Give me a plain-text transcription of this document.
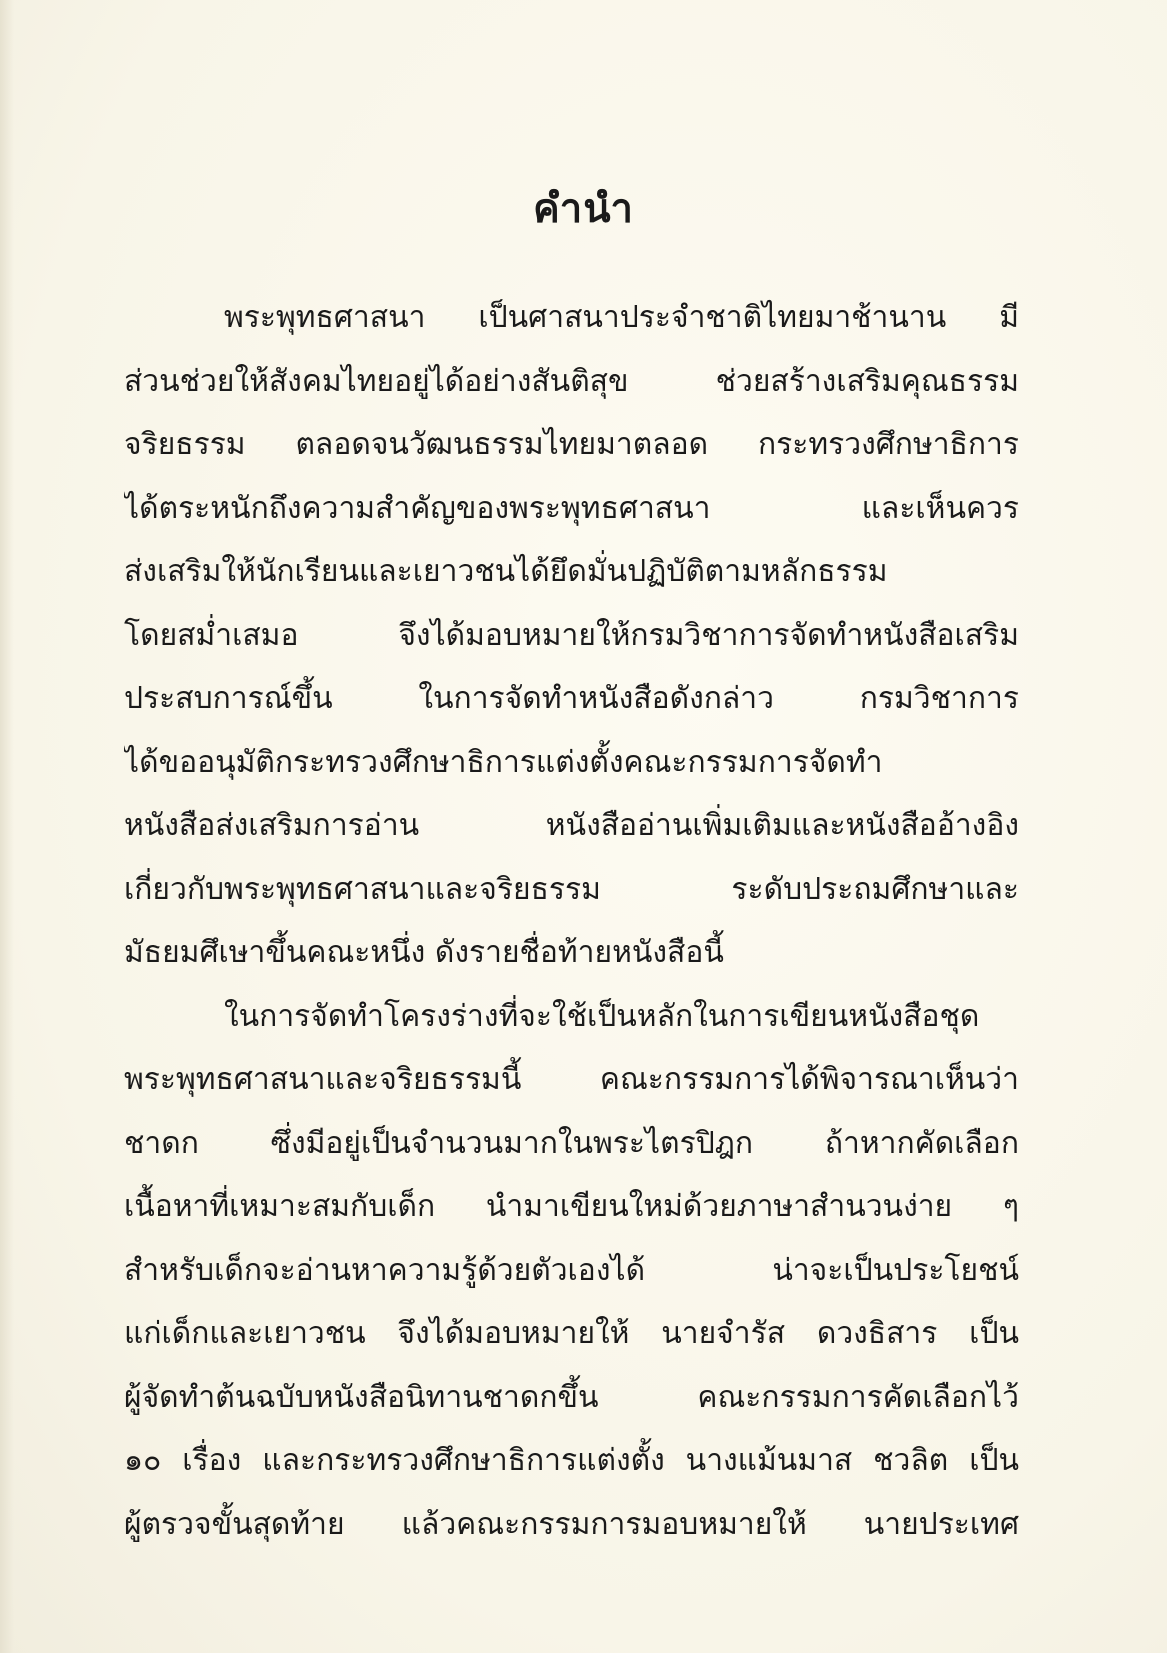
คำนำ
พระพุทธศาสนา เป็นศาสนาประจำชาติไทยมาช้านาน มี
ส่วนช่วยให้สังคมไทยอยู่ได้อย่างสันติสุข ช่วยสร้างเสริมคุณธรรม
จริยธรรม ตลอดจนวัฒนธรรมไทยมาตลอด กระทรวงศึกษาธิการ
ได้ตระหนักถึงความสำคัญของพระพุทธศาสนา และเห็นควร
ส่งเสริมให้นักเรียนและเยาวชนได้ยึดมั่นปฏิบัติตามหลักธรรม
โดยสม่ำเสมอ จึงได้มอบหมายให้กรมวิชาการจัดทำหนังสือเสริม
ประสบการณ์ขึ้น ในการจัดทำหนังสือดังกล่าว กรมวิชาการ
ได้ขออนุมัติกระทรวงศึกษาธิการแต่งตั้งคณะกรรมการจัดทำ
หนังสือส่งเสริมการอ่าน หนังสืออ่านเพิ่มเติมและหนังสืออ้างอิง
เกี่ยวกับพระพุทธศาสนาและจริยธรรม ระดับประถมศึกษาและ
มัธยมศึเษาขึ้นคณะหนึ่ง ดังรายชื่อท้ายหนังสือนี้
ในการจัดทำโครงร่างที่จะใช้เป็นหลักในการเขียนหนังสือชุด
พระพุทธศาสนาและจริยธรรมนี้ คณะกรรมการได้พิจารณาเห็นว่า
ชาดก ซึ่งมีอยู่เป็นจำนวนมากในพระไตรปิฎก ถ้าหากคัดเลือก
เนื้อหาที่เหมาะสมกับเด็ก นำมาเขียนใหม่ด้วยภาษาสำนวนง่าย ๆ
สำหรับเด็กจะอ่านหาความรู้ด้วยตัวเองได้ น่าจะเป็นประโยชน์
แก่เด็กและเยาวชน จึงได้มอบหมายให้ นายจำรัส ดวงธิสาร เป็น
ผู้จัดทำต้นฉบับหนังสือนิทานชาดกขึ้น คณะกรรมการคัดเลือกไว้
๑๐ เรื่อง และกระทรวงศึกษาธิการแต่งตั้ง นางแม้นมาส ชวลิต เป็น
ผู้ตรวจขั้นสุดท้าย แล้วคณะกรรมการมอบหมายให้ นายประเทศ
